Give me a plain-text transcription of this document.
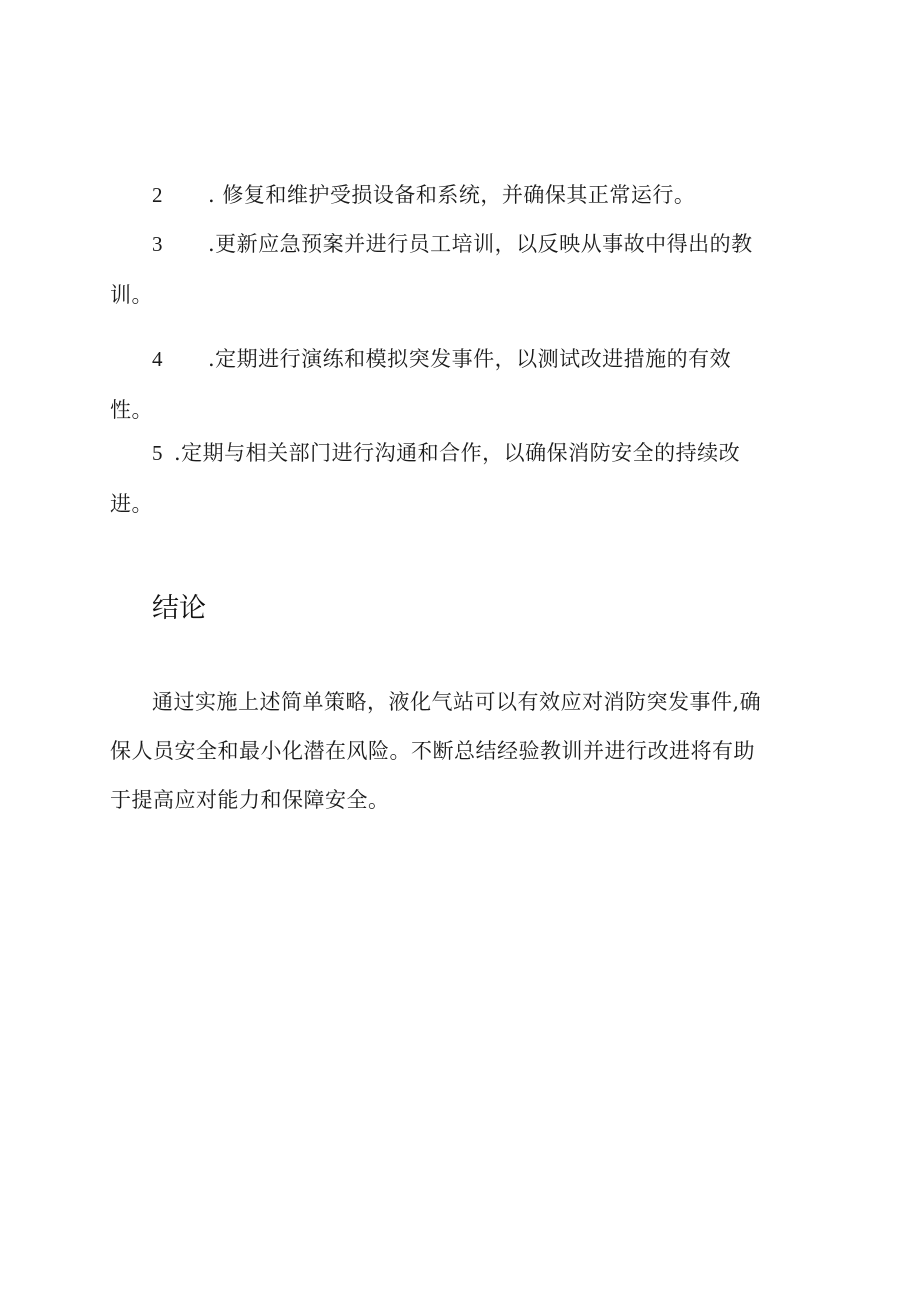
2 . 修复和维护受损设备和系统，并确保其正常运行。
3 .更新应急预案并进行员工培训，以反映从事故中得出的教
训。
4 .定期进行演练和模拟突发事件，以测试改进措施的有效
性。
5 .定期与相关部门进行沟通和合作，以确保消防安全的持续改
进。
结论
通过实施上述简单策略，液化气站可以有效应对消防突发事件,确
保人员安全和最小化潜在风险。不断总结经验教训并进行改进将有助
于提高应对能力和保障安全。
